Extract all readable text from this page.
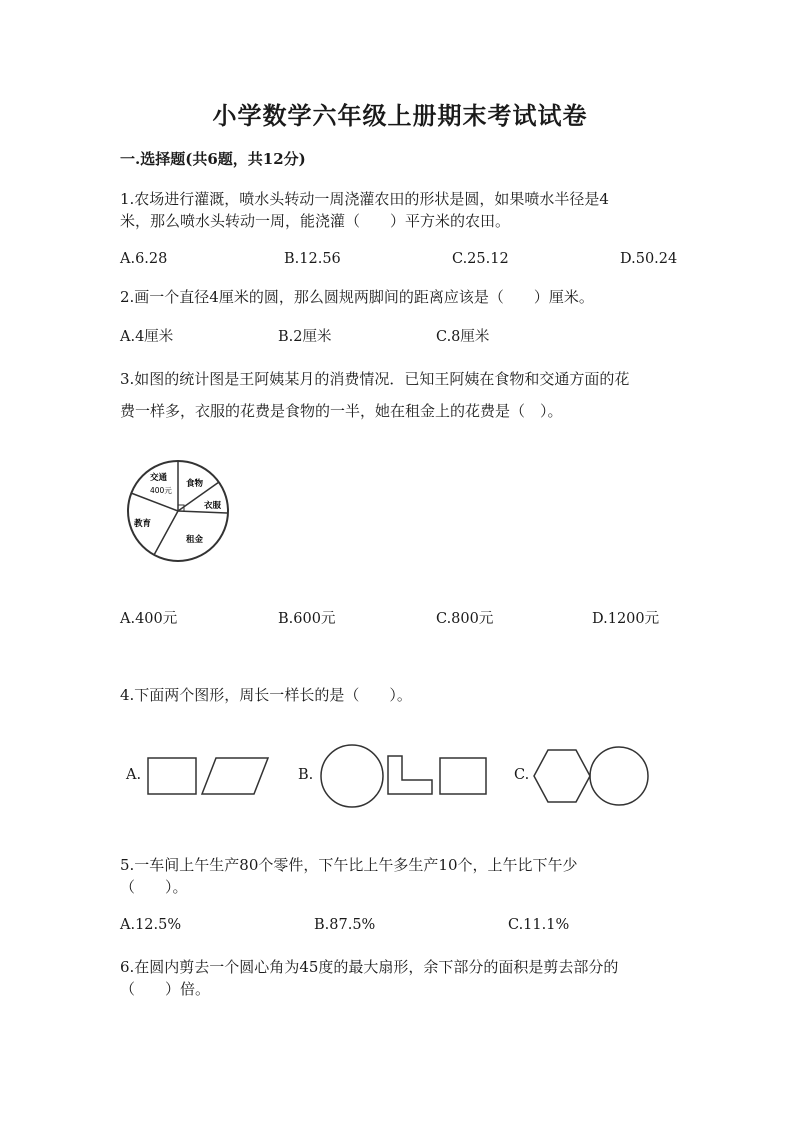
小学数学六年级上册期末考试试卷
一.选择题(共6题，共12分)
1.农场进行灌溉，喷水头转动一周浇灌农田的形状是圆，如果喷水半径是4
米，那么喷水头转动一周，能浇灌（　　）平方米的农田。
A.6.28	B.12.56	C.25.12	D.50.24
2.画一个直径4厘米的圆，那么圆规两脚间的距离应该是（　　）厘米。
A.4厘米	B.2厘米	C.8厘米
3.如图的统计图是王阿姨某月的消费情况．已知王阿姨在食物和交通方面的花
费一样多，衣服的花费是食物的一半，她在租金上的花费是（　）。
交通
400元
食物
衣服
教育
租金
A.400元	B.600元	C.800元	D.1200元
4.下面两个图形，周长一样长的是（　　）。
A.	B.	C.
5.一车间上午生产80个零件，下午比上午多生产10个，上午比下午少
（　　）。
A.12.5%	B.87.5%	C.11.1%
6.在圆内剪去一个圆心角为45度的最大扇形，余下部分的面积是剪去部分的
（　　）倍。
